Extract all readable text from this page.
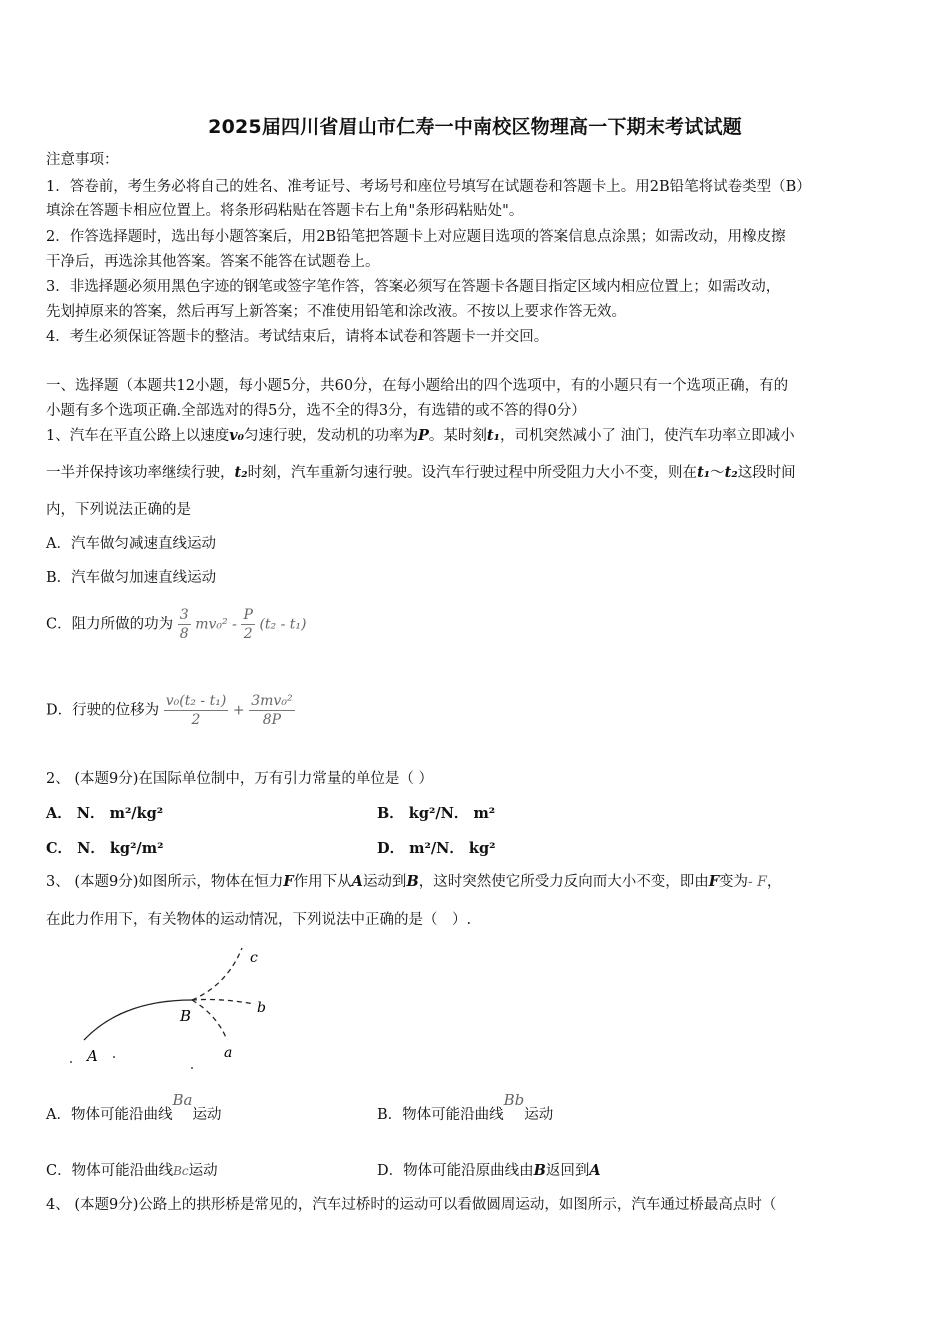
2025届四川省眉山市仁寿一中南校区物理高一下期末考试试题
注意事项：
1．答卷前，考生务必将自己的姓名、准考证号、考场号和座位号填写在试题卷和答题卡上。用2B铅笔将试卷类型（B）
填涂在答题卡相应位置上。将条形码粘贴在答题卡右上角"条形码粘贴处"。
2．作答选择题时，选出每小题答案后，用2B铅笔把答题卡上对应题目选项的答案信息点涂黑；如需改动，用橡皮擦
干净后，再选涂其他答案。答案不能答在试题卷上。
3．非选择题必须用黑色字迹的钢笔或签字笔作答，答案必须写在答题卡各题目指定区域内相应位置上；如需改动，
先划掉原来的答案，然后再写上新答案；不准使用铅笔和涂改液。不按以上要求作答无效。
4．考生必须保证答题卡的整洁。考试结束后，请将本试卷和答题卡一并交回。
一、选择题（本题共12小题，每小题5分，共60分，在每小题给出的四个选项中，有的小题只有一个选项正确，有的
小题有多个选项正确.全部选对的得5分，选不全的得3分，有选错的或不答的得0分）
1、汽车在平直公路上以速度v₀匀速行驶，发动机的功率为P。某时刻t₁，司机突然减小了 油门，使汽车功率立即减小
一半并保持该功率继续行驶，t₂时刻，汽车重新匀速行驶。设汽车行驶过程中所受阻力大小不变，则在t₁～t₂这段时间
内，下列说法正确的是
A．汽车做匀减速直线运动
B．汽车做匀加速直线运动
C．阻力所做的功为 $\frac{3}{8} mv_0^2 - \frac{P}{2} (t_2 - t_1)$
D．行驶的位移为 $\frac{\text{v₀(t₂ - t₁)}}{2} + \frac{\text{3mv₀²}}{8P}$
2、 (本题9分)在国际单位制中，万有引力常量的单位是（ ）
A． N． m²/kg²	B． kg²/N． m²
C． N． kg²/m²	D． m²/N． kg²
3、 (本题9分)如图所示，物体在恒力F作用下从A运动到B，这时突然使它所受力反向而大小不变，即由F变为- F，
在此力作用下，有关物体的运动情况，下列说法中正确的是（　）.
c
b
B
A	a
A．物体可能沿曲线Ba运动	B．物体可能沿曲线Bb运动
C．物体可能沿曲线Bc运动	D．物体可能沿原曲线由B返回到A
4、 (本题9分)公路上的拱形桥是常见的，汽车过桥时的运动可以看做圆周运动，如图所示，汽车通过桥最高点时（
